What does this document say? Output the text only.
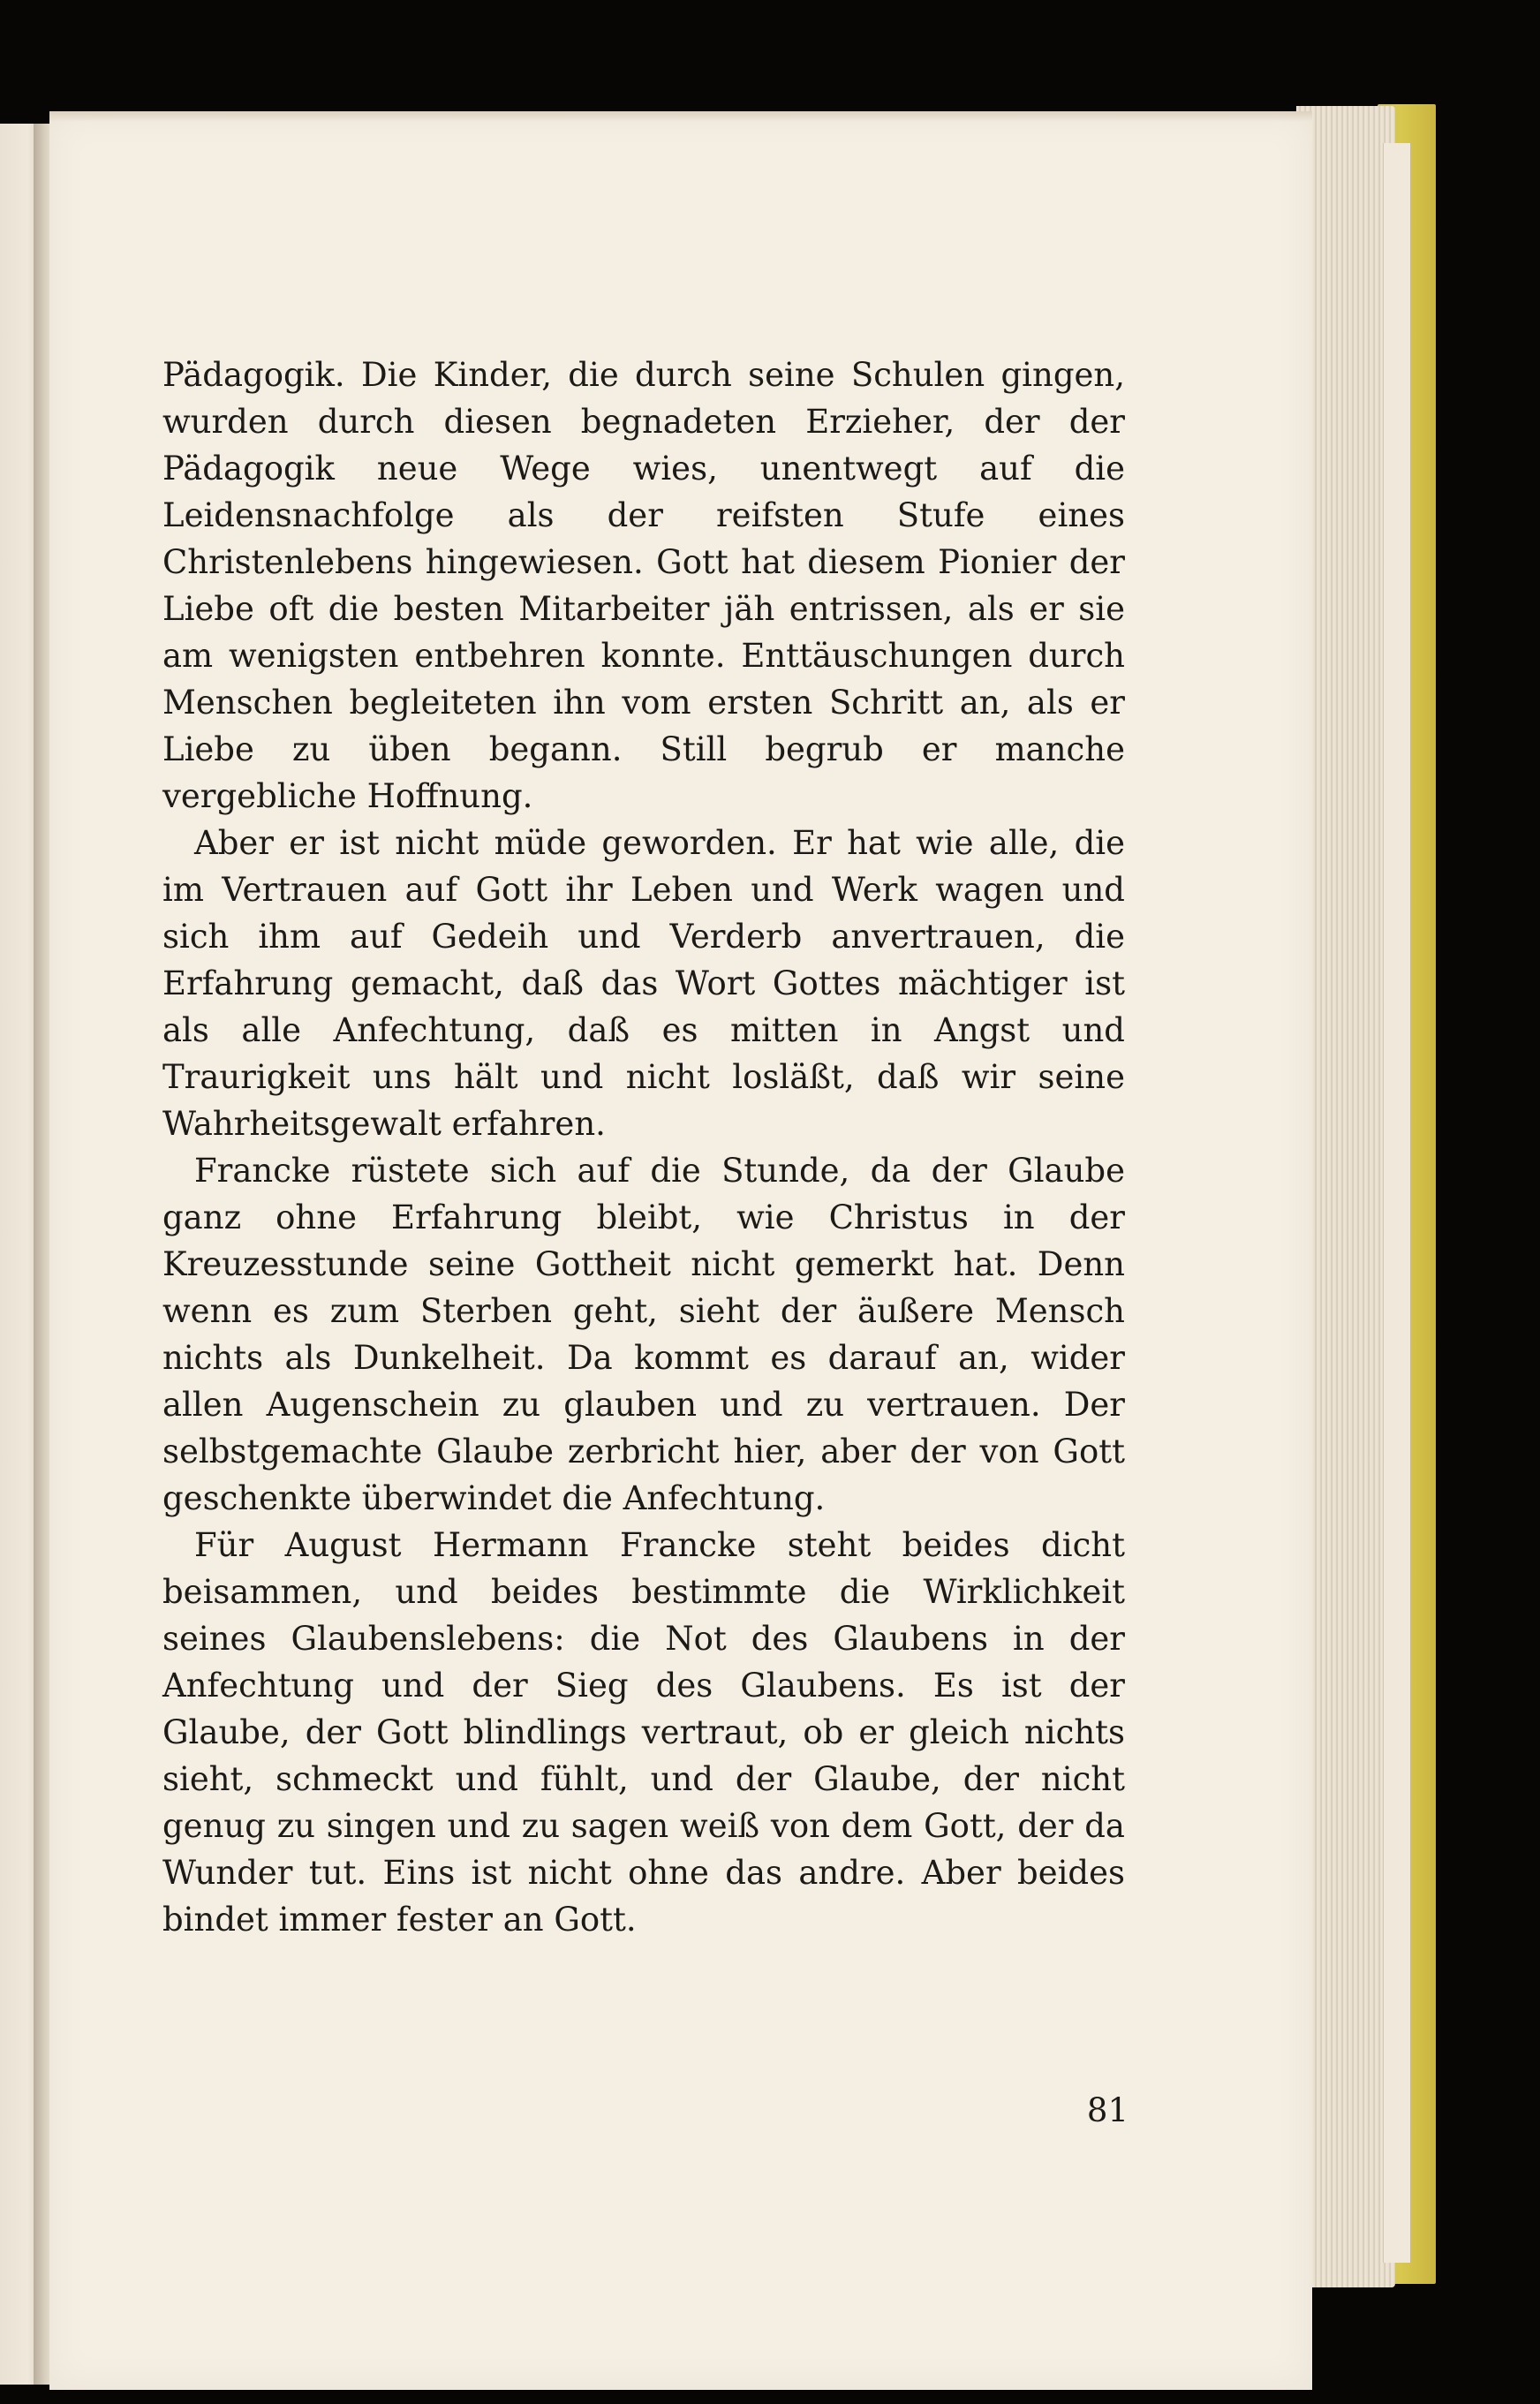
Pädagogik. Die Kinder, die durch seine Schulen gingen, wurden durch diesen begnadeten Erzieher, der der Pädagogik neue Wege wies, unentwegt auf die Leidensnachfolge als der reifsten Stufe eines Christenlebens hingewiesen. Gott hat diesem Pionier der Liebe oft die besten Mitarbeiter jäh entrissen, als er sie am wenigsten entbehren konnte. Enttäuschungen durch Menschen begleiteten ihn vom ersten Schritt an, als er Liebe zu üben begann. Still begrub er manche vergebliche Hoffnung.

Aber er ist nicht müde geworden. Er hat wie alle, die im Vertrauen auf Gott ihr Leben und Werk wagen und sich ihm auf Gedeih und Verderb anvertrauen, die Erfahrung gemacht, daß das Wort Gottes mächtiger ist als alle Anfechtung, daß es mitten in Angst und Traurigkeit uns hält und nicht losläßt, daß wir seine Wahrheitsgewalt erfahren.

Francke rüstete sich auf die Stunde, da der Glaube ganz ohne Erfahrung bleibt, wie Christus in der Kreuzesstunde seine Gottheit nicht gemerkt hat. Denn wenn es zum Sterben geht, sieht der äußere Mensch nichts als Dunkelheit. Da kommt es darauf an, wider allen Augenschein zu glauben und zu vertrauen. Der selbstgemachte Glaube zerbricht hier, aber der von Gott geschenkte überwindet die Anfechtung.

Für August Hermann Francke steht beides dicht beisammen, und beides bestimmte die Wirklichkeit seines Glaubenslebens: die Not des Glaubens in der Anfechtung und der Sieg des Glaubens. Es ist der Glaube, der Gott blindlings vertraut, ob er gleich nichts sieht, schmeckt und fühlt, und der Glaube, der nicht genug zu singen und zu sagen weiß von dem Gott, der da Wunder tut. Eins ist nicht ohne das andre. Aber beides bindet immer fester an Gott.

81
